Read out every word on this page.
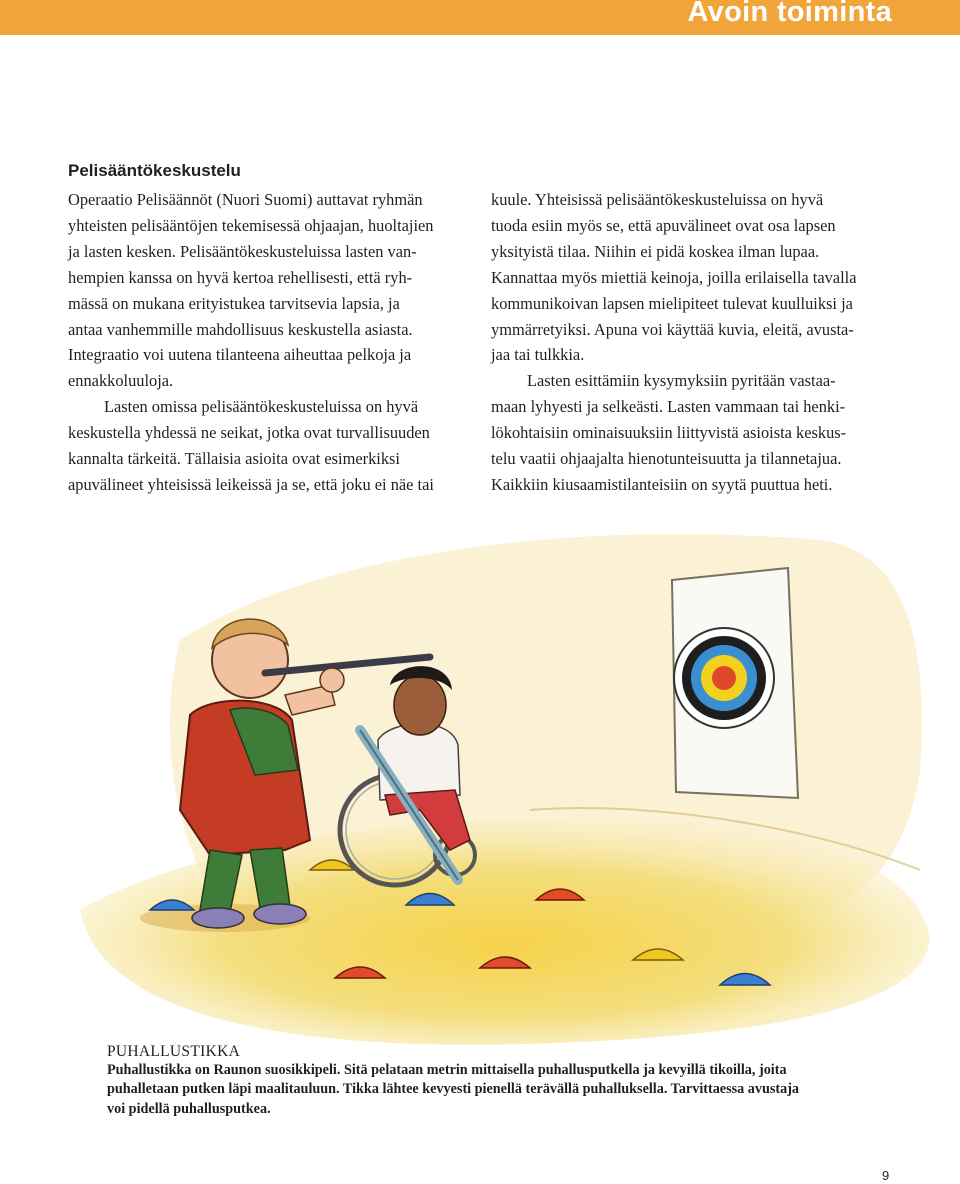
Avoin toiminta
Pelisääntökeskustelu

Operaatio Pelisäännöt (Nuori Suomi) auttavat ryhmän
yhteisten pelisääntöjen tekemisessä ohjaajan, huoltajien
ja lasten kesken. Pelisääntökeskusteluissa lasten van-
hempien kanssa on hyvä kertoa rehellisesti, että ryh-
mässä on mukana erityistukea tarvitsevia lapsia, ja
antaa vanhemmille mahdollisuus keskustella asiasta.
Integraatio voi uutena tilanteena aiheuttaa pelkoja ja
ennakkoluuloja.

Lasten omissa pelisääntökeskusteluissa on hyvä
keskustella yhdessä ne seikat, jotka ovat turvallisuuden
kannalta tärkeitä. Tällaisia asioita ovat esimerkiksi
apuvälineet yhteisissä leikeissä ja se, että joku ei näe tai

kuule. Yhteisissä pelisääntökeskusteluissa on hyvä
tuoda esiin myös se, että apuvälineet ovat osa lapsen
yksityistä tilaa. Niihin ei pidä koskea ilman lupaa.
Kannattaa myös miettiä keinoja, joilla erilaisella tavalla
kommunikoivan lapsen mielipiteet tulevat kuulluiksi ja
ymmärretyiksi. Apuna voi käyttää kuvia, eleitä, avusta-
jaa tai tulkkia.

Lasten esittämiin kysymyksiin pyritään vastaa-
maan lyhyesti ja selkeästi. Lasten vammaan tai henki-
lökohtaisiin ominaisuuksiin liittyvistä asioista keskus-
telu vaatii ohjaajalta hienotunteisuutta ja tilannetajua.
Kaikkiin kiusaamistilanteisiin on syytä puuttua heti.

PUHALLUSTIKKA
Puhallustikka on Raunon suosikkipeli. Sitä pelataan metrin mittaisella puhallusputkella ja kevyillä tikoilla, joita
puhalletaan putken läpi maalitauluun. Tikka lähtee kevyesti pienellä terävällä puhalluksella. Tarvittaessa avustaja
voi pidellä puhallusputkea.
9
